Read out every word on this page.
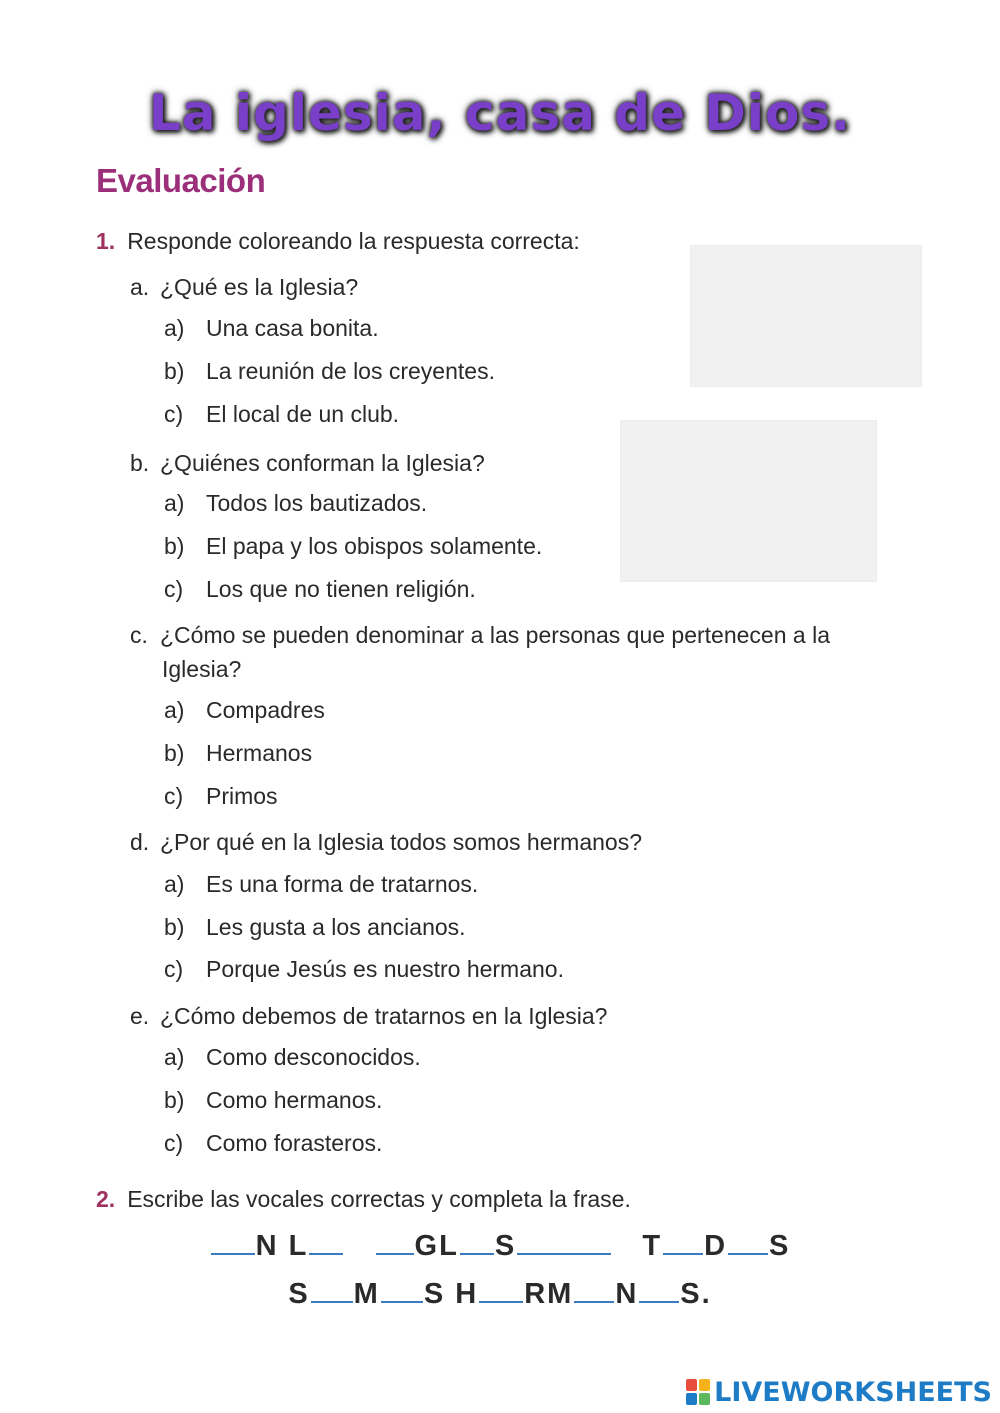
La iglesia, casa de Dios.
Evaluación
1. Responde coloreando la respuesta correcta:
a. ¿Qué es la Iglesia?
a) Una casa bonita.
b) La reunión de los creyentes.
c) El local de un club.
b. ¿Quiénes conforman la Iglesia?
a) Todos los bautizados.
b) El papa y los obispos solamente.
c) Los que no tienen religión.
c. ¿Cómo se pueden denominar a las personas que pertenecen a la
Iglesia?
a) Compadres
b) Hermanos
c) Primos
d. ¿Por qué en la Iglesia todos somos hermanos?
a) Es una forma de tratarnos.
b) Les gusta a los ancianos.
c) Porque Jesús es nuestro hermano.
e. ¿Cómo debemos de tratarnos en la Iglesia?
a) Como desconocidos.
b) Como hermanos.
c) Como forasteros.
2. Escribe las vocales correctas y completa la frase.
N L	GL S	T D S
S M S H RM N S.
LIVEWORKSHEETS
